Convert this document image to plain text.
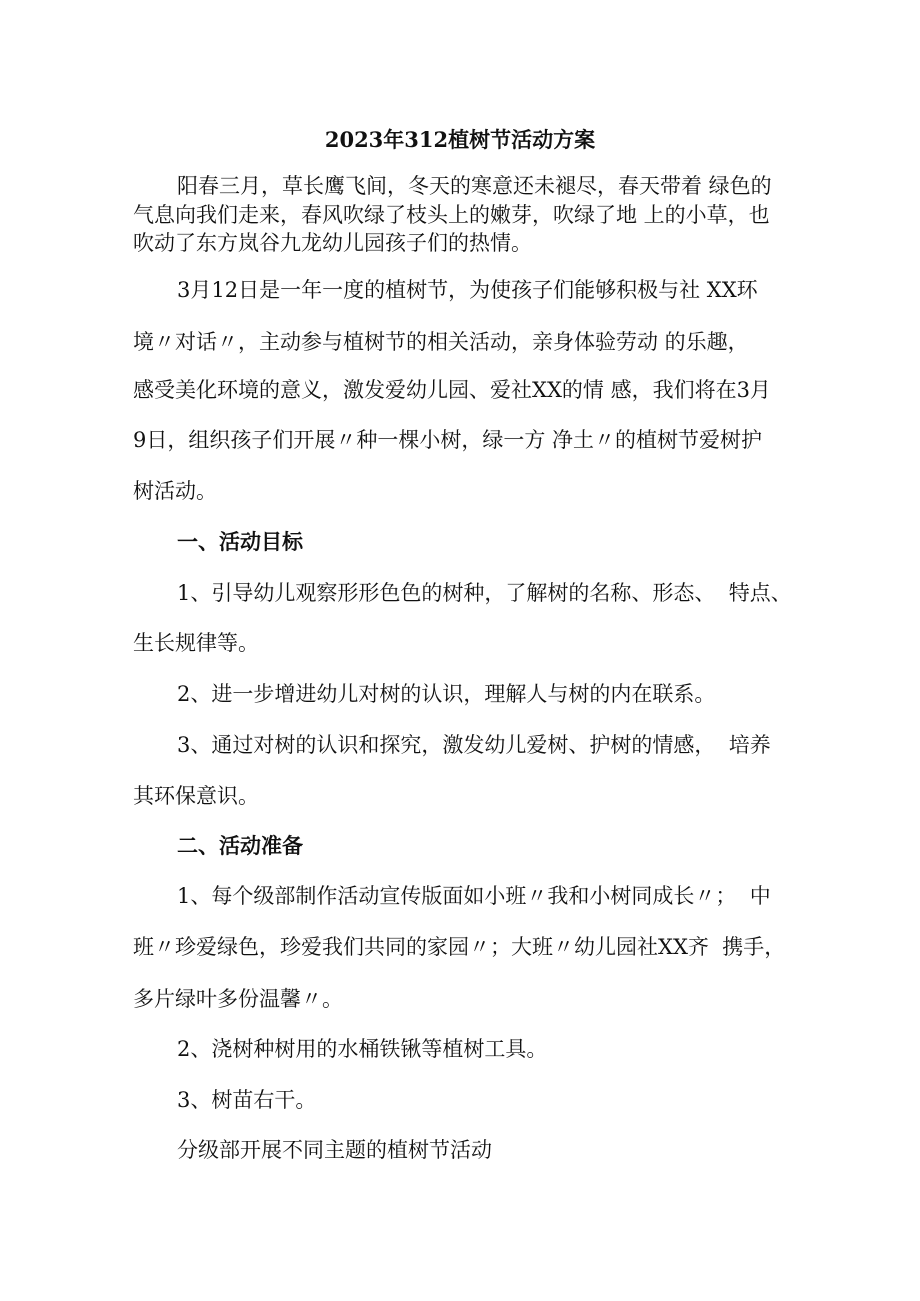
2023年312植树节活动方案

阳春三月，草长鹰飞间，冬天的寒意还未褪尽，春天带着 绿色的

气息向我们走来，春风吹绿了枝头上的嫩芽，吹绿了地 上的小草，也

吹动了东方岚谷九龙幼儿园孩子们的热情。

3月12日是一年一度的植树节，为使孩子们能够积极与社 XX环

境〃对话〃，主动参与植树节的相关活动，亲身体验劳动 的乐趣，

感受美化环境的意义，激发爱幼儿园、爱社XX的情 感，我们将在3月

9日，组织孩子们开展〃种一棵小树，绿一方 净土〃的植树节爱树护

树活动。

一、活动目标

1、引导幼儿观察形形色色的树种，了解树的名称、形态、  特点、

生长规律等。

2、进一步增进幼儿对树的认识，理解人与树的内在联系。

3、通过对树的认识和探究，激发幼儿爱树、护树的情感，  培养

其环保意识。

二、活动准备

1、每个级部制作活动宣传版面如小班〃我和小树同成长〃；  中

班〃珍爱绿色，珍爱我们共同的家园〃；大班〃幼儿园社XX齐  携手，

多片绿叶多份温馨〃。

2、浇树种树用的水桶铁锹等植树工具。

3、树苗右干。

分级部开展不同主题的植树节活动
